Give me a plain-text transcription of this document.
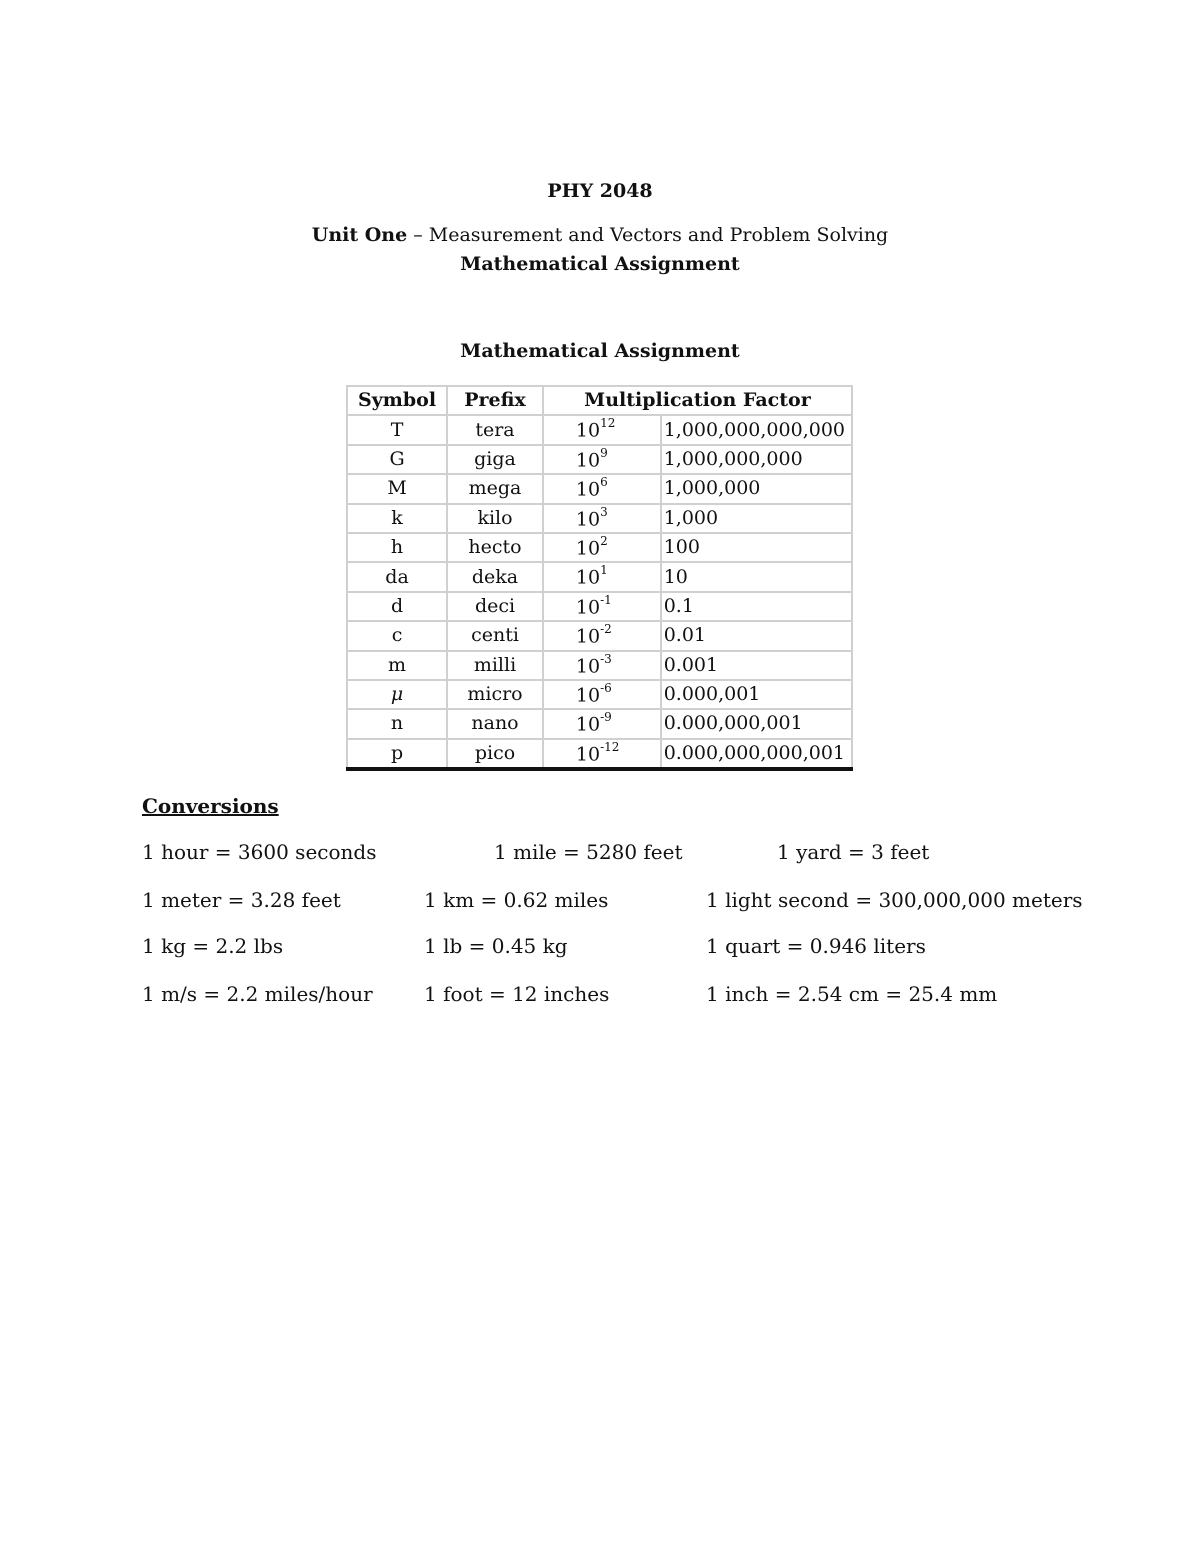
PHY 2048
Unit One – Measurement and Vectors and Problem Solving
Mathematical Assignment
Mathematical Assignment
Symbol	Prefix	Multiplication Factor	
T	tera	$10^{12}$	1,000,000,000,000
G	giga	$10^9$	1,000,000,000
M	mega	$10^6$	1,000,000
k	kilo	$10^3$	1,000
h	hecto	$10^2$	100
da	deka	$10^1$	10
d	deci	$10^{-1}$	0.1
c	centi	$10^{-2}$	0.01
m	milli	$10^{-3}$	0.001
μ	micro	$10^{-6}$	0.000,001
n	nano	$10^{-9}$	0.000,000,001
p	pico	$10^{-12}$	0.000,000,000,001
Conversions
1 hour = 3600 seconds	1 mile = 5280 feet	1 yard = 3 feet
1 meter = 3.28 feet	1 km = 0.62 miles	1 light second = 300,000,000 meters
1 kg = 2.2 lbs	1 lb = 0.45 kg	1 quart = 0.946 liters
1 m/s = 2.2 miles/hour	1 foot = 12 inches	1 inch = 2.54 cm = 25.4 mm
